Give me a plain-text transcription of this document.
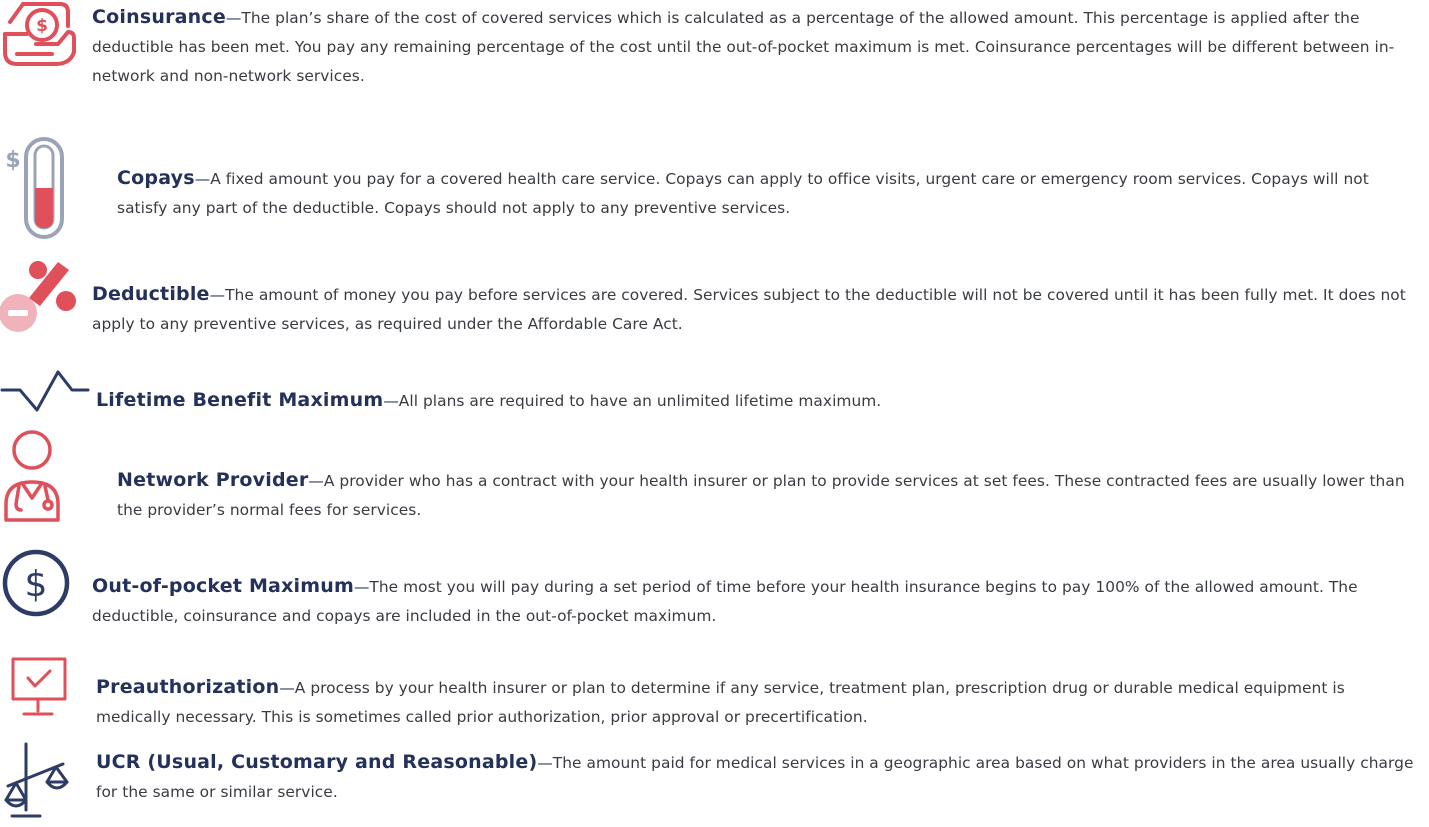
$ Coinsurance—The plan’s share of the cost of covered services which is calculated as a percentage of the allowed amount. This percentage is applied after the deductible has been met. You pay any remaining percentage of the cost until the out-of-pocket maximum is met. Coinsurance percentages will be different between in-network and non-network services.

$

Copays—A fixed amount you pay for a covered health care service. Copays can apply to office visits, urgent care or emergency room services. Copays will not satisfy any part of the deductible. Copays should not apply to any preventive services.

Deductible—The amount of money you pay before services are covered. Services subject to the deductible will not be covered until it has been fully met. It does not apply to any preventive services, as required under the Affordable Care Act.

Lifetime Benefit Maximum—All plans are required to have an unlimited lifetime maximum.

Network Provider—A provider who has a contract with your health insurer or plan to provide services at set fees. These contracted fees are usually lower than the provider’s normal fees for services.

$ Out-of-pocket Maximum—The most you will pay during a set period of time before your health insurance begins to pay 100% of the allowed amount. The deductible, coinsurance and copays are included in the out-of-pocket maximum.

Preauthorization—A process by your health insurer or plan to determine if any service, treatment plan, prescription drug or durable medical equipment is medically necessary. This is sometimes called prior authorization, prior approval or precertification.

UCR (Usual, Customary and Reasonable)—The amount paid for medical services in a geographic area based on what providers in the area usually charge for the same or similar service.
